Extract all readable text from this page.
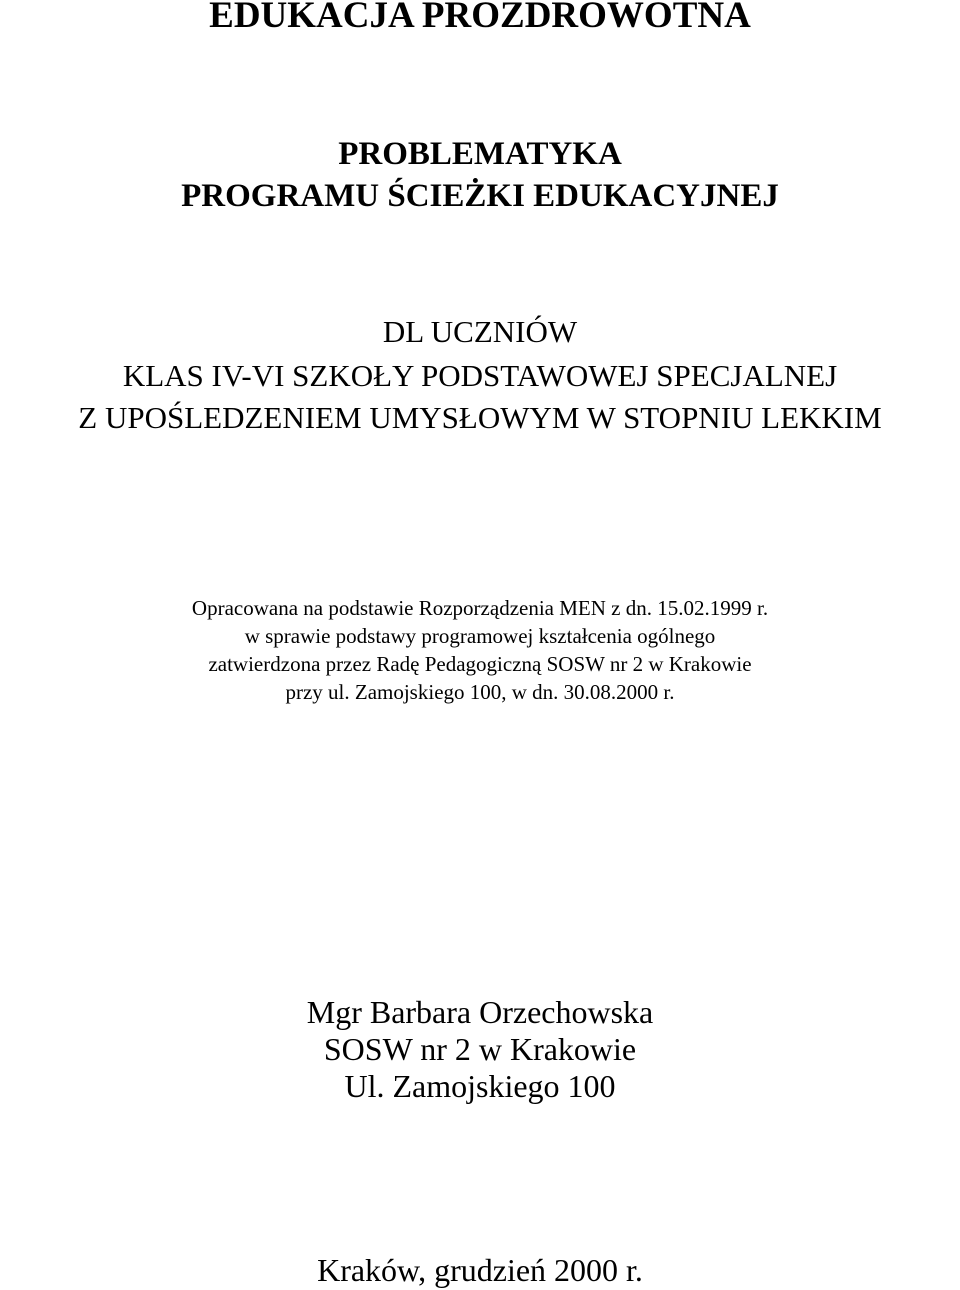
EDUKACJA PROZDROWOTNA
PROBLEMATYKA
PROGRAMU ŚCIEŻKI EDUKACYJNEJ
DL UCZNIÓW
KLAS IV-VI SZKOŁY PODSTAWOWEJ SPECJALNEJ
Z UPOŚLEDZENIEM UMYSŁOWYM W STOPNIU LEKKIM
Opracowana na podstawie Rozporządzenia MEN z dn. 15.02.1999 r.
w sprawie podstawy programowej kształcenia ogólnego
zatwierdzona przez Radę Pedagogiczną SOSW nr 2 w Krakowie
przy ul. Zamojskiego 100, w dn. 30.08.2000 r.
Mgr Barbara Orzechowska
SOSW nr 2 w Krakowie
Ul. Zamojskiego 100
Kraków, grudzień 2000 r.
